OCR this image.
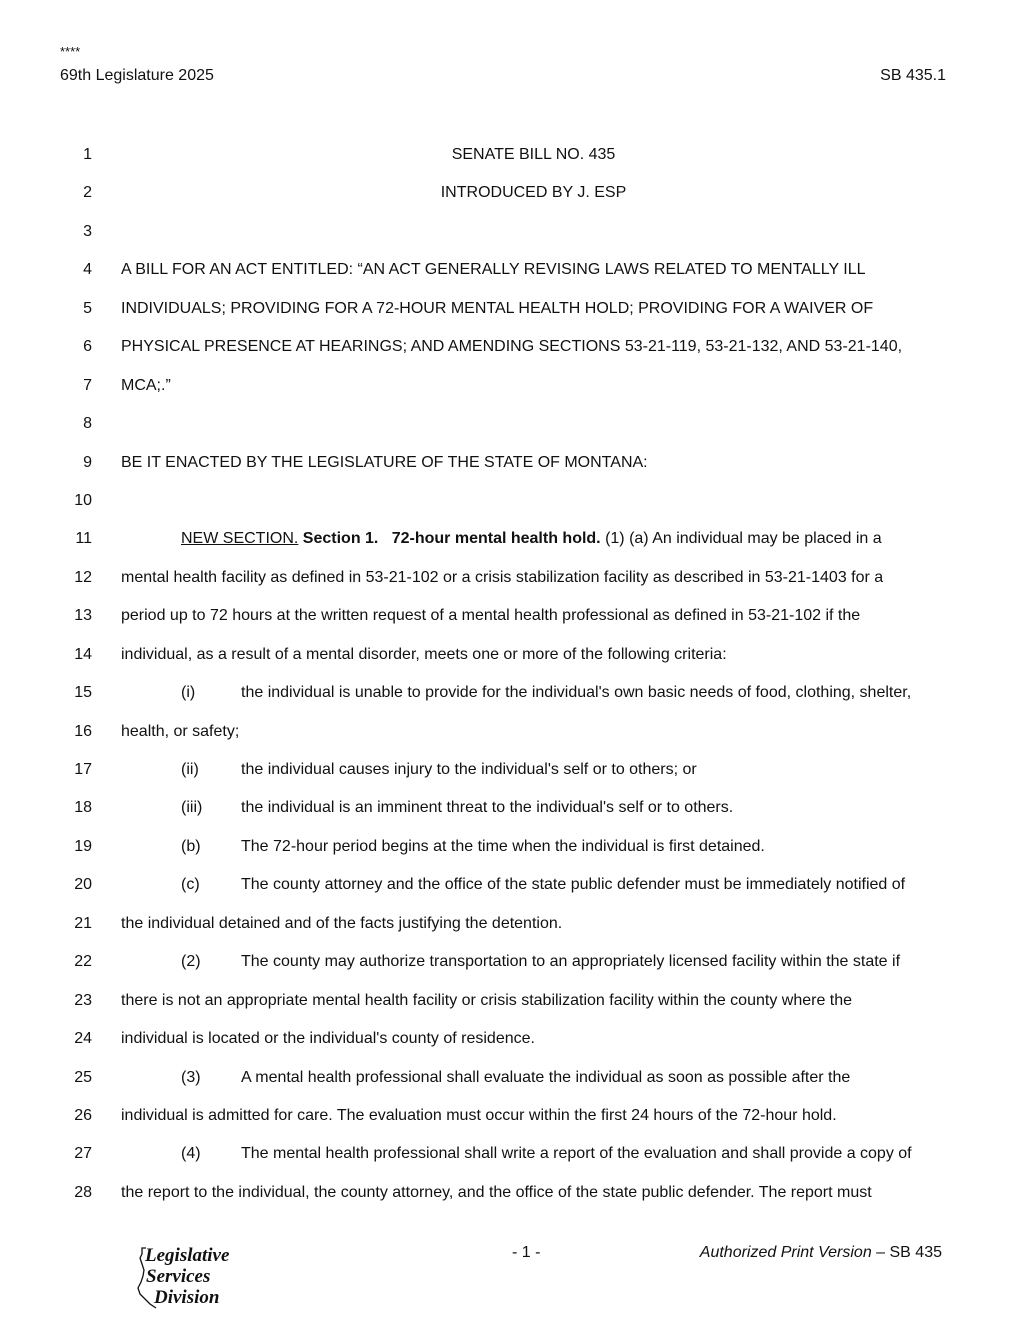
****
69th Legislature 2025	SB 435.1
1	SENATE BILL NO. 435
2	INTRODUCED BY J. ESP
3
4 A BILL FOR AN ACT ENTITLED: “AN ACT GENERALLY REVISING LAWS RELATED TO MENTALLY ILL
5 INDIVIDUALS; PROVIDING FOR A 72-HOUR MENTAL HEALTH HOLD; PROVIDING FOR A WAIVER OF
6 PHYSICAL PRESENCE AT HEARINGS; AND AMENDING SECTIONS 53-21-119, 53-21-132, AND 53-21-140,
7 MCA;.”
8
9 BE IT ENACTED BY THE LEGISLATURE OF THE STATE OF MONTANA:
10
11	NEW SECTION. Section 1. 72-hour mental health hold. (1) (a) An individual may be placed in a
12 mental health facility as defined in 53-21-102 or a crisis stabilization facility as described in 53-21-1403 for a
13 period up to 72 hours at the written request of a mental health professional as defined in 53-21-102 if the
14 individual, as a result of a mental disorder, meets one or more of the following criteria:
15	(i)	the individual is unable to provide for the individual's own basic needs of food, clothing, shelter,
16 health, or safety;
17	(ii)	the individual causes injury to the individual's self or to others; or
18	(iii) the individual is an imminent threat to the individual's self or to others.
19	(b)	The 72-hour period begins at the time when the individual is first detained.
20	(c)	The county attorney and the office of the state public defender must be immediately notified of
21 the individual detained and of the facts justifying the detention.
22	(2)	The county may authorize transportation to an appropriately licensed facility within the state if
23 there is not an appropriate mental health facility or crisis stabilization facility within the county where the
24 individual is located or the individual's county of residence.
25	(3)	A mental health professional shall evaluate the individual as soon as possible after the
26 individual is admitted for care. The evaluation must occur within the first 24 hours of the 72-hour hold.
27	(4)	The mental health professional shall write a report of the evaluation and shall provide a copy of
28 the report to the individual, the county attorney, and the office of the state public defender. The report must
Legislative
Services
Division
- 1 -	Authorized Print Version – SB 435
